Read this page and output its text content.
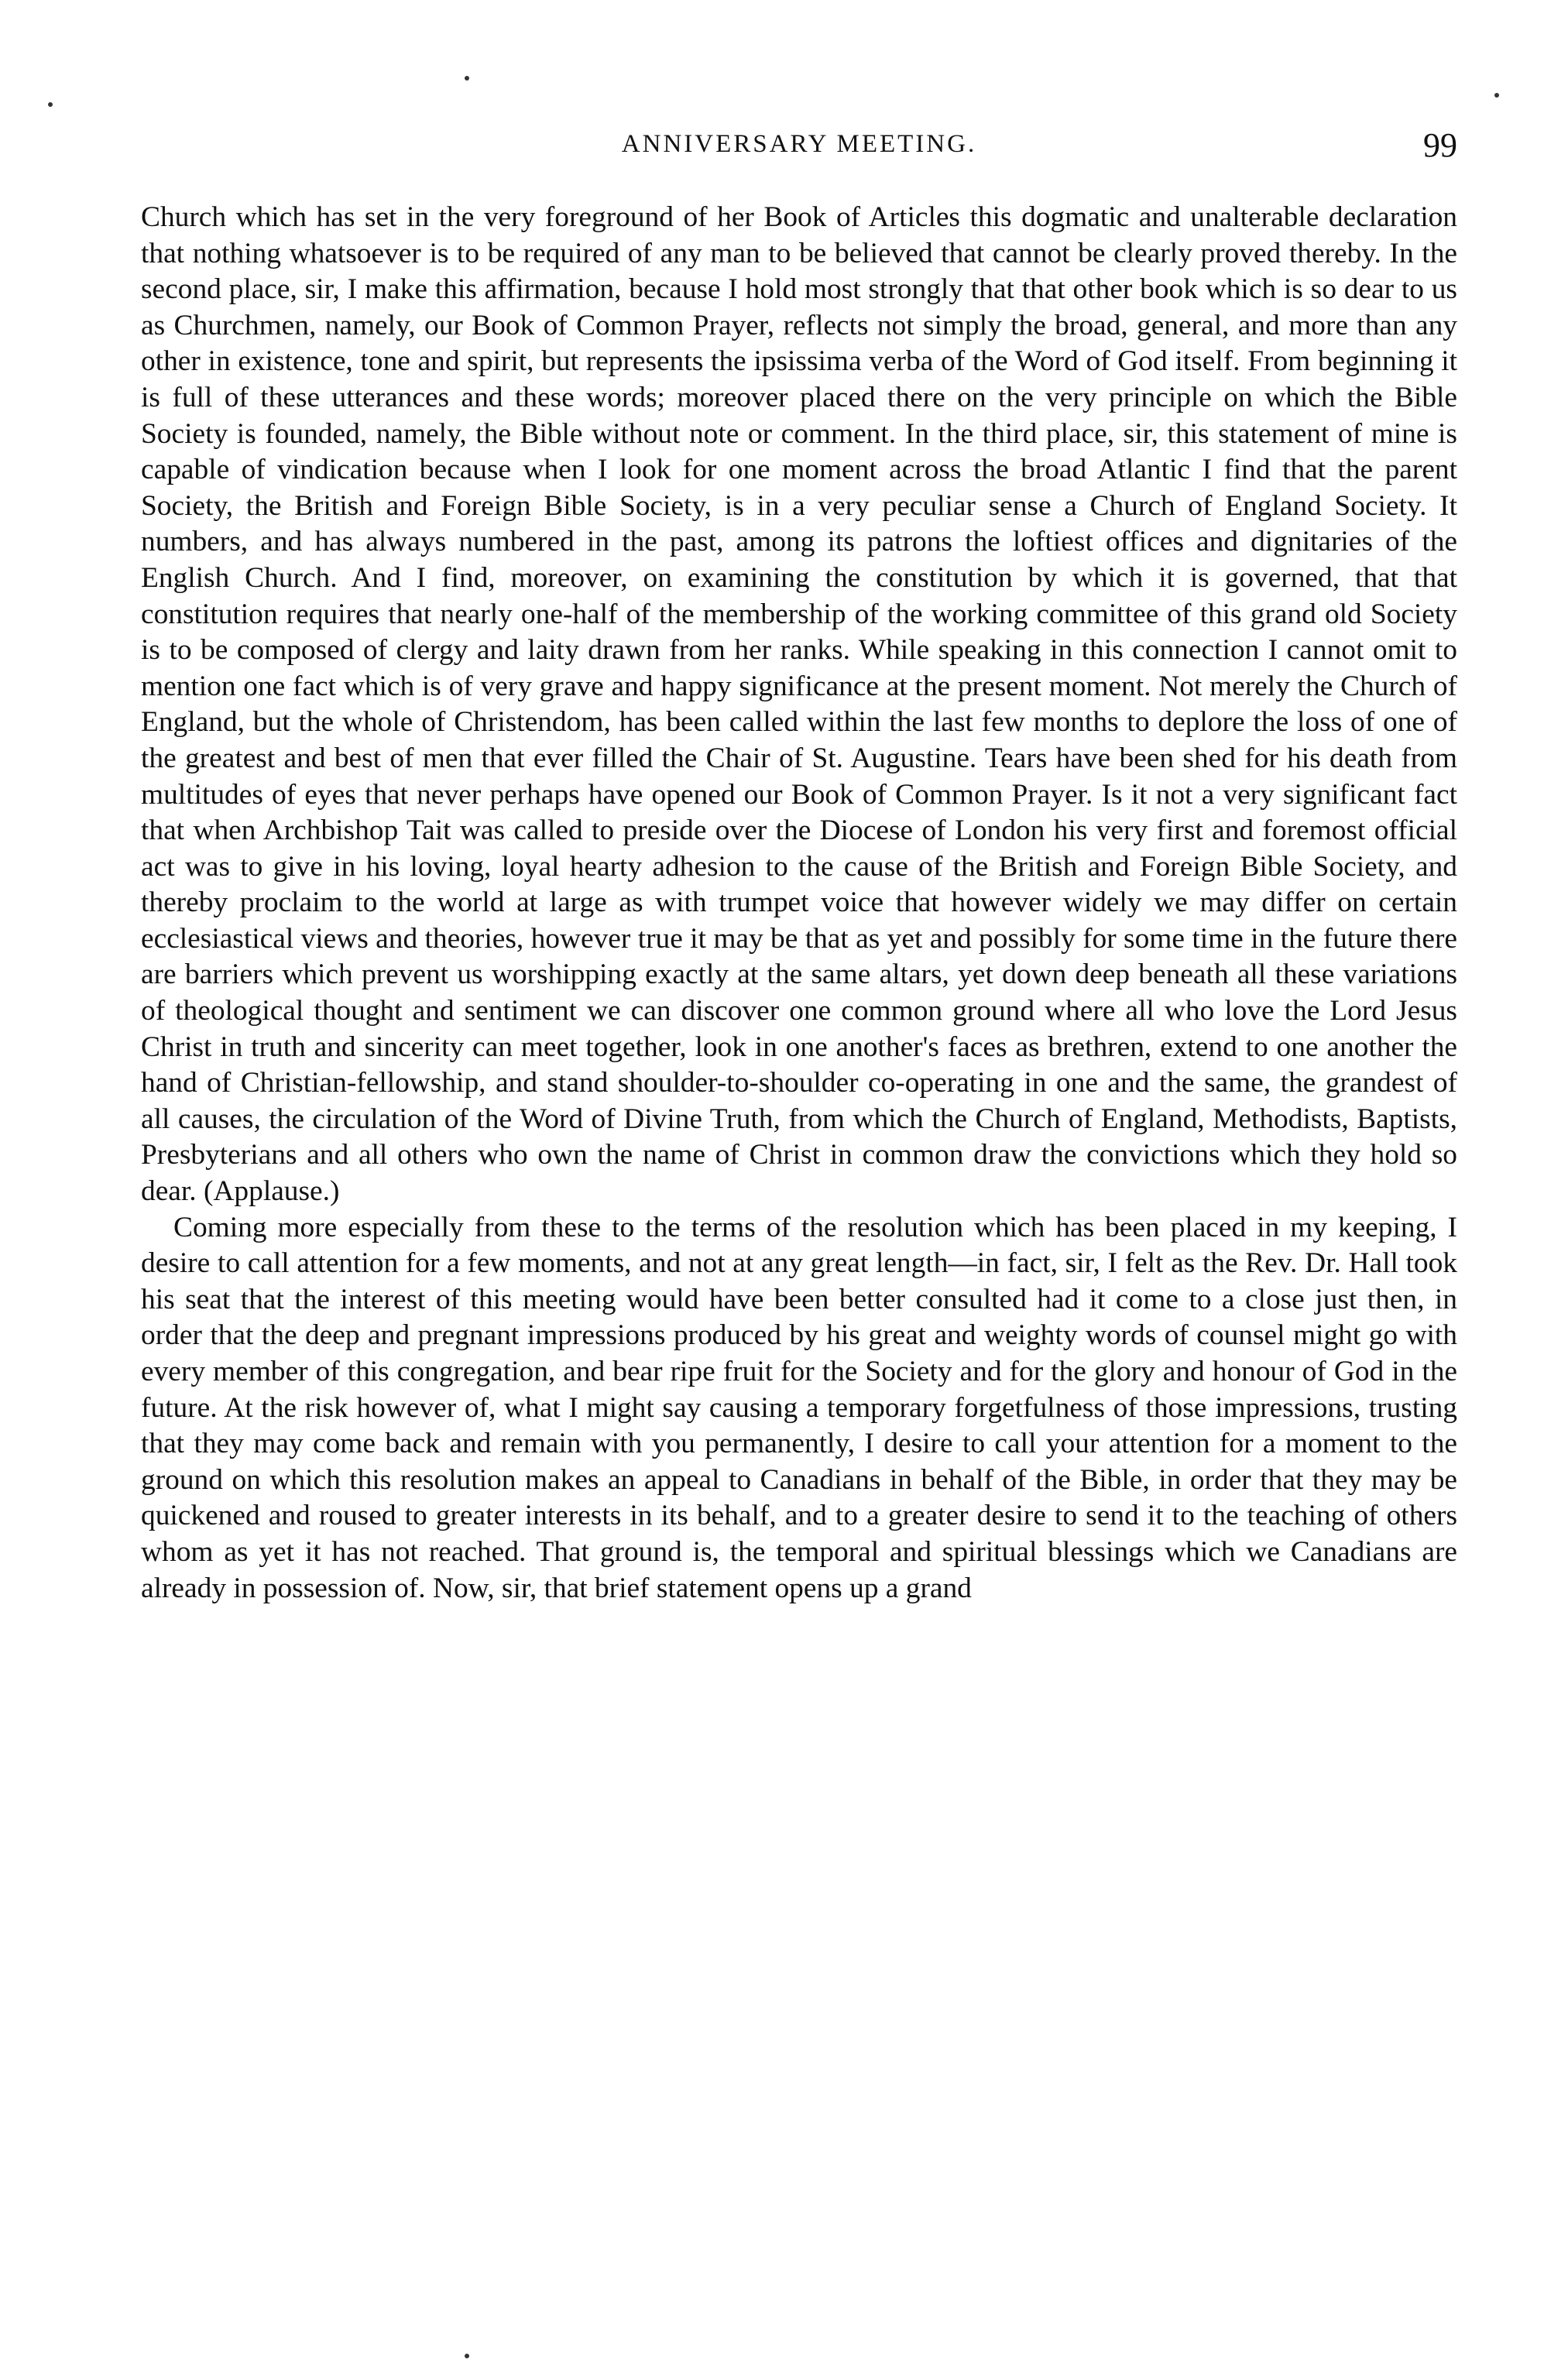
ANNIVERSARY MEETING.	99

Church which has set in the very foreground of her Book of Articles this dogmatic and unalterable declaration that nothing whatsoever is to be required of any man to be believed that cannot be clearly proved thereby. In the second place, sir, I make this affirmation, because I hold most strongly that that other book which is so dear to us as Churchmen, namely, our Book of Common Prayer, reflects not simply the broad, general, and more than any other in existence, tone and spirit, but represents the ipsissima verba of the Word of God itself. From beginning it is full of these utterances and these words; moreover placed there on the very principle on which the Bible Society is founded, namely, the Bible without note or comment. In the third place, sir, this statement of mine is capable of vindication because when I look for one moment across the broad Atlantic I find that the parent Society, the British and Foreign Bible Society, is in a very peculiar sense a Church of England Society. It numbers, and has always numbered in the past, among its patrons the loftiest offices and dignitaries of the English Church. And I find, moreover, on examining the constitution by which it is governed, that that constitution requires that nearly one-half of the membership of the working committee of this grand old Society is to be composed of clergy and laity drawn from her ranks. While speaking in this connection I cannot omit to mention one fact which is of very grave and happy significance at the present moment. Not merely the Church of England, but the whole of Christendom, has been called within the last few months to deplore the loss of one of the greatest and best of men that ever filled the Chair of St. Augustine. Tears have been shed for his death from multitudes of eyes that never perhaps have opened our Book of Common Prayer. Is it not a very significant fact that when Archbishop Tait was called to preside over the Diocese of London his very first and foremost official act was to give in his loving, loyal hearty adhesion to the cause of the British and Foreign Bible Society, and thereby proclaim to the world at large as with trumpet voice that however widely we may differ on certain ecclesiastical views and theories, however true it may be that as yet and possibly for some time in the future there are barriers which prevent us worshipping exactly at the same altars, yet down deep beneath all these variations of theological thought and sentiment we can discover one common ground where all who love the Lord Jesus Christ in truth and sincerity can meet together, look in one another's faces as brethren, extend to one another the hand of Christian-fellowship, and stand shoulder-to-shoulder co-operating in one and the same, the grandest of all causes, the circulation of the Word of Divine Truth, from which the Church of England, Methodists, Baptists, Presbyterians and all others who own the name of Christ in common draw the convictions which they hold so dear. (Applause.)

Coming more especially from these to the terms of the resolution which has been placed in my keeping, I desire to call attention for a few moments, and not at any great length—in fact, sir, I felt as the Rev. Dr. Hall took his seat that the interest of this meeting would have been better consulted had it come to a close just then, in order that the deep and pregnant impressions produced by his great and weighty words of counsel might go with every member of this congregation, and bear ripe fruit for the Society and for the glory and honour of God in the future. At the risk however of, what I might say causing a temporary forgetfulness of those impressions, trusting that they may come back and remain with you permanently, I desire to call your attention for a moment to the ground on which this resolution makes an appeal to Canadians in behalf of the Bible, in order that they may be quickened and roused to greater interests in its behalf, and to a greater desire to send it to the teaching of others whom as yet it has not reached. That ground is, the temporal and spiritual blessings which we Canadians are already in possession of. Now, sir, that brief statement opens up a grand
